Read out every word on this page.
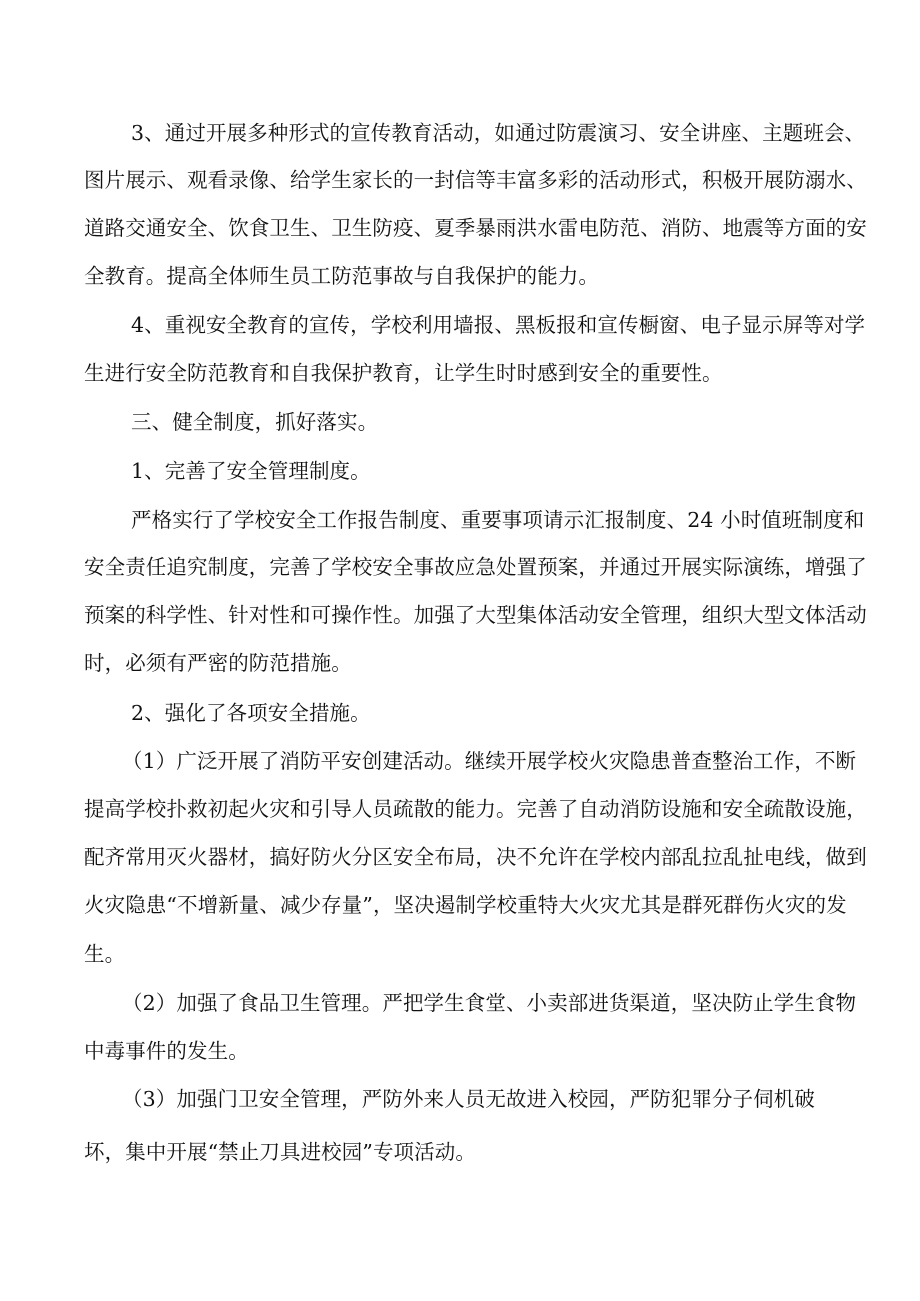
3、通过开展多种形式的宣传教育活动，如通过防震演习、安全讲座、主题班会、
图片展示、观看录像、给学生家长的一封信等丰富多彩的活动形式，积极开展防溺水、
道路交通安全、饮食卫生、卫生防疫、夏季暴雨洪水雷电防范、消防、地震等方面的安
全教育。提高全体师生员工防范事故与自我保护的能力。
4、重视安全教育的宣传，学校利用墙报、黑板报和宣传橱窗、电子显示屏等对学
生进行安全防范教育和自我保护教育，让学生时时感到安全的重要性。
三、健全制度，抓好落实。
1、完善了安全管理制度。
严格实行了学校安全工作报告制度、重要事项请示汇报制度、24 小时值班制度和
安全责任追究制度，完善了学校安全事故应急处置预案，并通过开展实际演练，增强了
预案的科学性、针对性和可操作性。加强了大型集体活动安全管理，组织大型文体活动
时，必须有严密的防范措施。
2、强化了各项安全措施。
（1）广泛开展了消防平安创建活动。继续开展学校火灾隐患普查整治工作，不断
提高学校扑救初起火灾和引导人员疏散的能力。完善了自动消防设施和安全疏散设施，
配齐常用灭火器材，搞好防火分区安全布局，决不允许在学校内部乱拉乱扯电线，做到
火灾隐患“不增新量、减少存量”，坚决遏制学校重特大火灾尤其是群死群伤火灾的发
生。
（2）加强了食品卫生管理。严把学生食堂、小卖部进货渠道，坚决防止学生食物
中毒事件的发生。
（3）加强门卫安全管理，严防外来人员无故进入校园，严防犯罪分子伺机破
坏，集中开展“禁止刀具进校园”专项活动。
